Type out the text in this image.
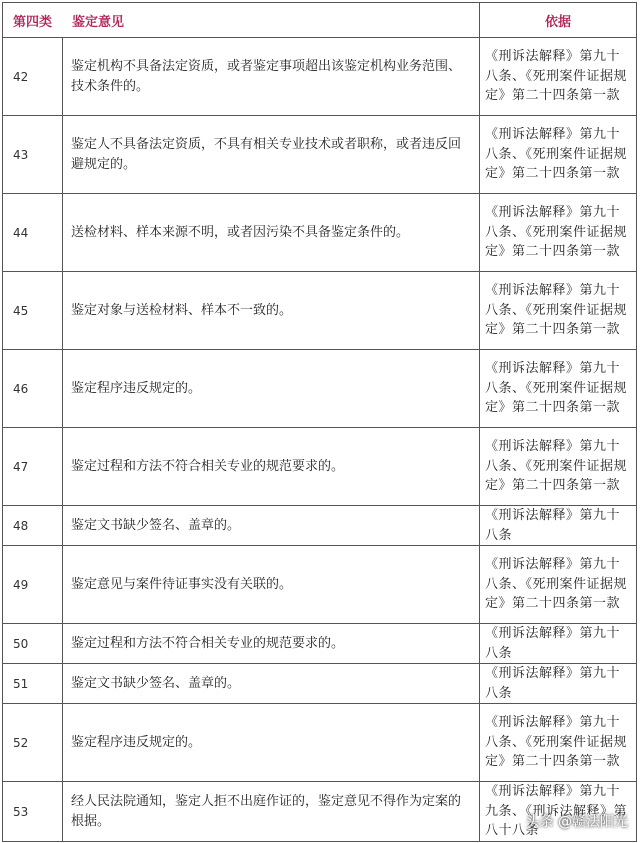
第四类 鉴定意见		依据
42	鉴定机构不具备法定资质，或者鉴定事项超出该鉴定机构业务范围、技术条件的。	《刑诉法解释》第九十八条、《死刑案件证据规定》第二十四条第一款
43	鉴定人不具备法定资质，不具有相关专业技术或者职称，或者违反回避规定的。	《刑诉法解释》第九十八条、《死刑案件证据规定》第二十四条第一款
44	送检材料、样本来源不明，或者因污染不具备鉴定条件的。	《刑诉法解释》第九十八条、《死刑案件证据规定》第二十四条第一款
45	鉴定对象与送检材料、样本不一致的。	《刑诉法解释》第九十八条、《死刑案件证据规定》第二十四条第一款
46	鉴定程序违反规定的。	《刑诉法解释》第九十八条、《死刑案件证据规定》第二十四条第一款
47	鉴定过程和方法不符合相关专业的规范要求的。	《刑诉法解释》第九十八条、《死刑案件证据规定》第二十四条第一款
48	鉴定文书缺少签名、盖章的。	《刑诉法解释》第九十八条
49	鉴定意见与案件待证事实没有关联的。	《刑诉法解释》第九十八条、《死刑案件证据规定》第二十四条第一款
50	鉴定过程和方法不符合相关专业的规范要求的。	《刑诉法解释》第九十八条
51	鉴定文书缺少签名、盖章的。	《刑诉法解释》第九十八条
52	鉴定程序违反规定的。	《刑诉法解释》第九十八条、《死刑案件证据规定》第二十四条第一款
53	经人民法院通知，鉴定人拒不出庭作证的，鉴定意见不得作为定案的根据。	《刑诉法解释》第九十九条、《刑诉法解释》第八十八条
头条 @赣法阳光
